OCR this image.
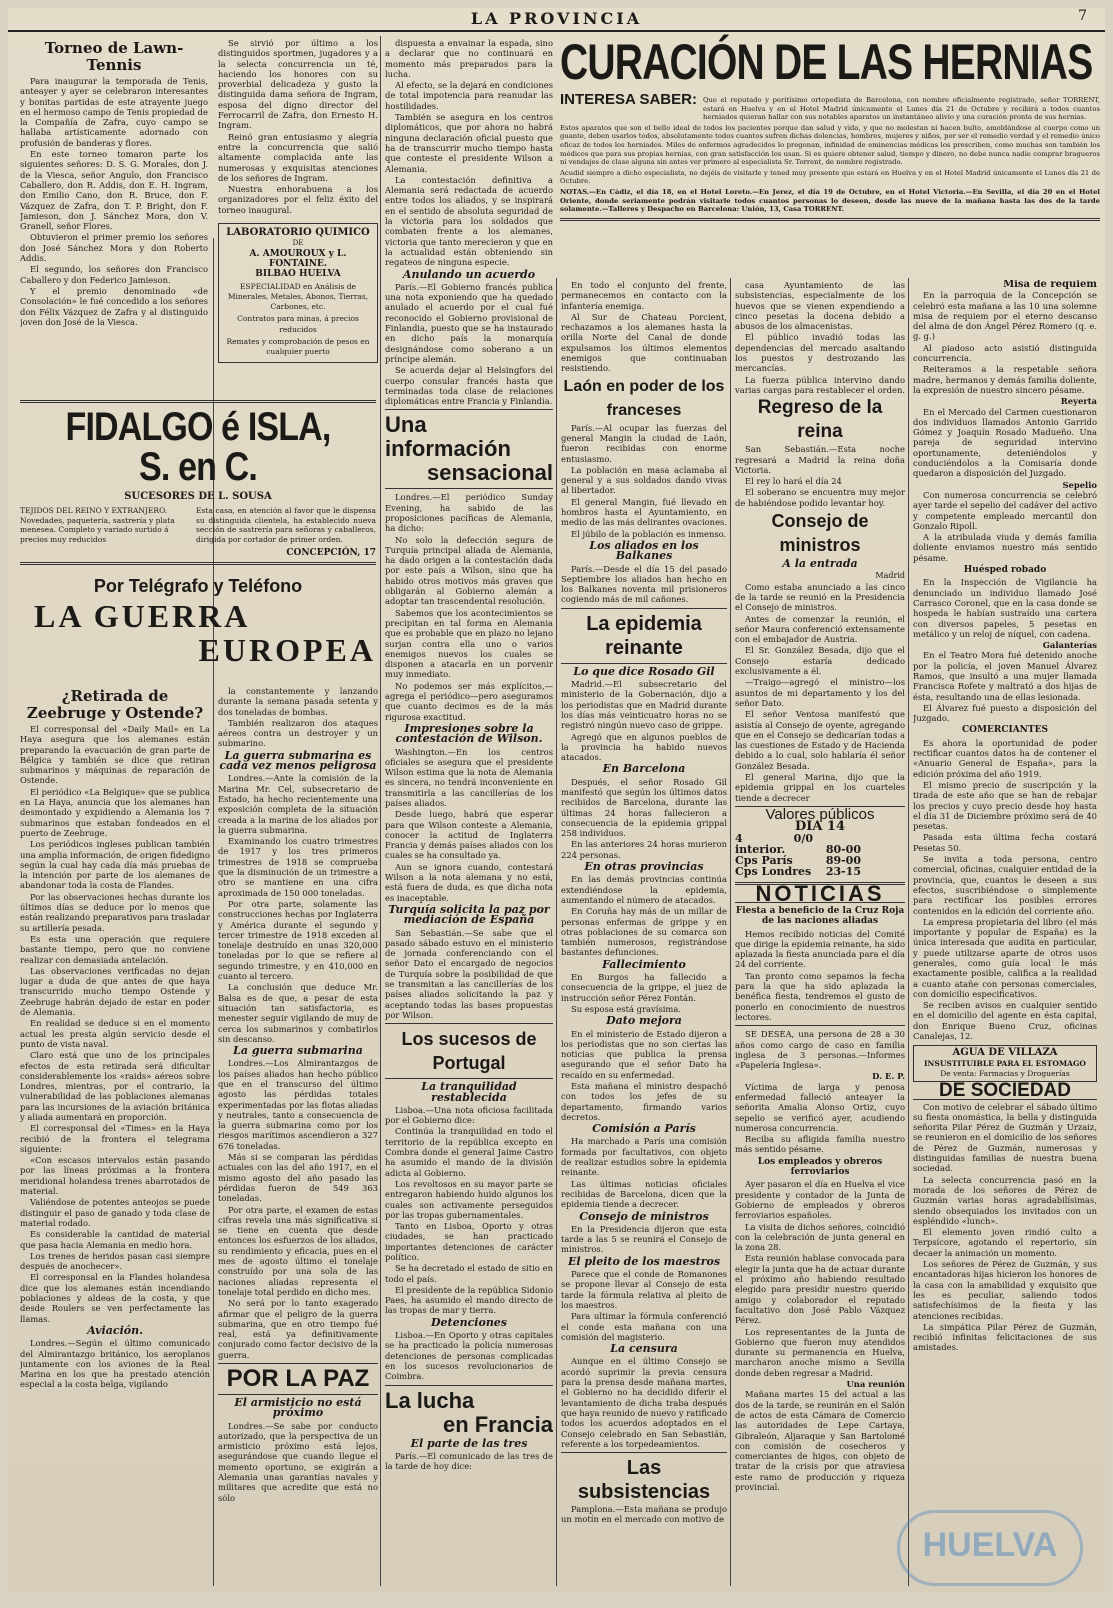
LA PROVINCIA	7
Torneo de Lawn-Tennis

Para inaugurar la temporada de Tenis, anteayer y ayer se celebraron interesantes y bonitas partidas de este atrayente juego en el hermoso campo de Tenis propiedad de la Compañía de Zafra, cuyo campo se hallaba artísticamente adornado con profusión de banderas y flores.

En este torneo tomaron parte los siguientes señores: D. S. G. Morales, don J. de la Viesca, señor Angulo, don Francisco Caballero, don R. Addis, don E. H. Ingram, don Emilio Cano, don R. Bruce, don F. Vázquez de Zafra, don T. P. Bright, don F. Jamieson, don J. Sánchez Mora, don V. Granell, señor Flores.

Obtuvieron el primer premio los señores don José Sánchez Mora y don Roberto Addis.

El segundo, los señores don Francisco Caballero y don Federico Jamieson.

Y el premio denominado «de Consolación» le fué concedido a los señores don Félix Vázquez de Zafra y al distinguido joven don José de la Viesca.

Se sirvió por último a los distinguidos sportmen, jugadores y a la selecta concurrencia un té, haciendo los honores con su proverbial delicadeza y gusto la distinguida dama señora de Ingram, esposa del digno director del Ferrocarril de Zafra, don Ernesto H. Ingram.

Reinó gran entusiasmo y alegría entre la concurrencia que salió altamente complacida ante las numerosas y exquisitas atenciones de los señores de Ingram.

Nuestra enhorabuena a los organizadores por el feliz éxito del torneo inaugural.

LABORATORIO QUIMICO
DE
A. AMOUROUX y L. FONTAINE.
BILBAO HUELVA
ESPECIALIDAD en Análisis de Minerales, Metales, Abonos, Tierras, Carbones, etc.
Contratos para minas, á precios reducidos
Remates y comprobación de pesos en cualquier puerto
FIDALGO é ISLA, S. en C.
SUCESORES DE L. SOUSA
TEJIDOS DEL REINO Y EXTRANJERO. Novedades, paquetería, sastrería y plata menesea. Completo y variado surtido á precios muy reducidos
Esta casa, en atención al favor que le dispensa su distinguida clientela, ha establecido nueva sección de sastrería para señoras y caballeros, dirigida por cortador de primer orden.
CONCEPCIÓN, 17
Por Telégrafo y Teléfono
LA GUERRA
EUROPEA
¿Retirada de Zeebruge y Ostende?

El corresponsal del «Daily Mail» en La Haya asegura que los alemanes están preparando la evacuación de gran parte de Bélgica y también se dice que retiran submarinos y máquinas de reparación de Ostende.

El periódico «La Belgique» que se publica en La Haya, anuncia que los alemanes han desmontado y expidiendo a Alemania los 7 submarinos que estaban fondeados en el puerto de Zeebruge.

Los periódicos ingleses publican también una amplia información, de origen fidedigno según la cual hay cada día más pruebas de la intención por parte de los alemanes de abandonar toda la costa de Flandes.

Por las observaciones hechas durante los últimos días se deduce por lo menos que están realizando preparativos para trasladar su artillería pesada.

Es esta una operación que requiere bastante tiempo, pero que no conviene realizar con demasiada antelación.

Las observaciones verificadas no dejan lugar a duda de que antes de que haya transcurrido mucho tiempo Ostende y Zeebruge habrán dejado de estar en poder de Alemania.

En realidad se deduce si en el momento actual les presta algún servicio desde el punto de vista naval.

Claro está que uno de los principales efectos de esta retirada será dificultar considerablemente los «raids» aéreos sobre Londres, mientras, por el contrario, la vulnerabilidad de las poblaciones alemanas para las incursiones de la aviación británica y aliada aumentará en proporción.

El corresponsal del «Times» en la Haya recibió de la frontera el telegrama siguiente:

«Con escasos intervalos están pasando por las líneas próximas a la frontera meridional holandesa trenes abarrotados de material.

Valiéndose de potentes anteojos se puede distinguir el paso de ganado y toda clase de material rodado.

Es considerable la cantidad de material que pasa hacia Alemania en medio hora.

Los trenes de heridos pasan casi siempre después de anochecer».

El corresponsal en la Flandes holandesa dice que los alemanes están incendiando poblaciones y aldeas de la costa, y que desde Roulers se ven perfectamente las llamas.

Aviación.

Londres.—Según el último comunicado del Almirantazgo británico, los aeroplanos juntamente con los aviones de la Real Marina en los que ha prestado atención especial a la costa belga, vigilando

la constantemente y lanzando durante la semana pasada setenta y dos toneladas de bombas.

También realizaron dos ataques aéreos contra un destroyer y un submarino.

La guerra submarina es cada vez menos peligrosa

Londres.—Ante la comisión de la Marina Mr. Cel, subsecretario de Estado, ha hecho recientemente una exposición completa de la situación creada a la marina de los aliados por la guerra submarina.

Examinando los cuatro trimestres de 1917 y los tres primeros trimestres de 1918 se comprueba que la disminución de un trimestre a otro se mantiene en una cifra aproximada de 150 000 toneladas.

Por otra parte, solamente las construcciones hechas por Inglaterra y América durante el segundo y tercer trimestre de 1918 exceden al tonelaje destruído en unas 320,000 toneladas por lo que se refiere al segundo trimestre, y en 410,000 en cuanto al tercero.

La conclusión que deduce Mr. Balsa es de que, a pesar de esta situación tan satisfactoria, es menester seguir vigilando de muy de cerca los submarinos y combatirlos sin descanso.

La guerra submarina

Londres.—Los Almirantazgos de los países aliados han hecho público que en el transcurso del último agosto las pérdidas totales experimentadas por las flotas aliadas y neutrales, tanto a consecuencia de la guerra submarina como por los riesgos marítimos ascendieron a 327 676 toneladas.

Más si se comparan las pérdidas actuales con las del año 1917, en el mismo agosto del año pasado las pérdidas fueron de 549 363 toneladas.

Por otra parte, el examen de estas cifras revela una más significativa si se tiene en cuenta que desde entonces los esfuerzos de los aliados, su rendimiento y eficacia, pues en el mes de agosto último el tonelaje construído por una sola de las naciones aliadas representa el tonelaje total perdido en dicho mes.

No será por lo tanto exagerado afirmar que el peligro de la guerra submarina, que en otro tiempo fué real, está ya definitivamente conjurado como factor decisivo de la guerra.

POR LA PAZ
El armisticio no está próximo

Londres.—Se sabe por conducto autorizado, que la perspectiva de un armisticio próximo está lejos, asegurándose que cuando llegue el momento oportuno, se exigirán a Alemania unas garantías navales y militares que acredite que está no sólo

dispuesta a envainar la espada, sino a declarar que no continuará en momento más preparados para la lucha.

Al efecto, se la dejará en condiciones de total impotencia para reanudar las hostilidades.

También se asegura en los centros diplomáticos, que por ahora no habrá ninguna declaración oficial puesto que ha de transcurrir mucho tiempo hasta que conteste el presidente Wilson a Alemania.

La contestación definitiva a Alemania será redactada de acuerdo entre todos los aliados, y se inspirará en el sentido de absoluta seguridad de la victoria para los soldados que combaten frente a los alemanes, victoria que tanto merecieron y que en la actualidad están obteniendo sin regateos de ninguna especie.

Anulando un acuerdo

París.—El Gobierno francés publica una nota exponiendo que ha quedado anulado el acuerdo por el cual fué reconocido el Gobierno provisional de Finlandia, puesto que se ha instaurado en dicho país la monarquía designándose como soberano a un príncipe alemán.

Se acuerda dejar al Helsingfors del cuerpo consular francés hasta que terminadas toda clase de relaciones diplomáticas entre Francia y Finlandia.

Una información
sensacional

Londres.—El periódico Sunday Evening, ha sabido de las proposiciones pacíficas de Alemania, ha dicho:

No solo la defección segura de Turquía principal aliada de Alemania, ha dado origen a la contestación dada por este país a Wilson, sino que ha habido otros motivos más graves que obligarán al Gobierno alemán a adoptar tan trascendental resolución.

Sabemos que los acontecimientos se precipitan en tal forma en Alemania que es probable que en plazo no lejano surjan contra ella uno o varios enemigos nuevos los cuales se disponen a atacarla en un porvenir muy inmediato.

No podemos ser más explícitos,—agrega el periódico—pero aseguramos que cuanto decimos es de la más rigurosa exactitud.

Impresiones sobre la contestación de Wilson.

Washington.—En los centros oficiales se asegura que el presidente Wilson estima que la nota de Alemania es sincera, no tendrá inconveniente en transmitirla a las cancillerías de los países aliados.

Desde luego, habrá que esperar para que Wilson conteste a Alemania, conocer la actitud de Inglaterra Francia y demás países aliados con los cuales se ha consultado ya.

Aun se ignora cuando, contestará Wilson a la nota alemana y no está, está fuera de duda, es que dicha nota es inaceptable.

Turquía solicita la paz por mediación de España

San Sebastián.—Se sabe que el pasado sábado estuvo en el ministerio de jornada conferenciando con el señor Dato el encargado de negocios de Turquía sobre la posibilidad de que se transmitan a las cancillerías de los países aliados solicitando la paz y aceptando todas las bases propuestas por Wilson.

Los sucesos de Portugal
La tranquilidad restablecida

Lisboa.—Una nota oficiosa facilitada por el Gobierno dice:

Continúa la tranquilidad en todo el territorio de la república excepto en Combra donde el general Jaime Castro ha asumido el mando de la división adicta al Gobierno.

Los revoltosos en su mayor parte se entregaron habiendo huido algunos los cuales son activamente perseguidos por las tropas gubernamentales.

Tanto en Lisboa, Oporto y otras ciudades, se han practicado importantes detenciones de carácter político.

Se ha decretado el estado de sitio en todo el país.

El presidente de la república Sidonio Paes, ha asumido el mando directo de las tropas de mar y tierra.

Detenciones

Lisboa.—En Oporto y otras capitales se ha practicado la policía numerosas detenciones de personas complicadas en los sucesos revolucionarios de Coimbra.

La lucha
en Francia
El parte de las tres

París.—El comunicado de las tres de la tarde de hoy dice:

CURACIÓN DE LAS HERNIAS
INTERESA SABER: Que el reputado y peritísimo ortopedista de Barcelona, con nombre oficialmente registrado, señor TORRENT, estará en Huelva y en el Hotel Madrid únicamente el Lunes día 21 de Octubre y recibirá a todos cuantos herniados quieran hallar con sus notables aparatos un instantáneo alivio y una curación pronta de sus hernias.
Estos aparatos que son el bello ideal de todos los pacientes porque dan salud y vida, y que no molestan ni hacen bulto, amoldándose al cuerpo como un guante, deben usarlos todos, absolutamente todos cuantos sufren dichas dolencias, hombres, mujeres y niños, por ser el remedio verdad y el remedio único eficaz de todos los herniados. Miles de enfermos agradecidos lo pregonan, infinidad de eminencias médicas los prescriben, como muchas son también los médicos que para sus propias hernias, con gran satisfacción los usan. Si es quiere obtener salud, tiempo y dinero, no debe nunca nadie comprar bragueros ni vendajes de clase alguna sin antes ver primero al especialista Sr. Torrent, de nombre registrado.
Acudid siempre a dicho especialista, no dejéis de visitarle y tened muy presente que estará en Huelva y en el Hotel Madrid únicamente el Lunes día 21 de Octubre.
NOTAS.—En Cádiz, el día 18, en el Hotel Loreto.—En Jerez, el día 19 de Octubre, en el Hotel Victoria.—En Sevilla, el día 20 en el Hotel Oriente, donde seriamente podrán visitarle todos cuantos personas lo deseen, desde las nueve de la mañana hasta las dos de la tarde solamente.—Talleres y Despacho en Barcelona: Unión, 13, Casa TORRENT.

En todo el conjunto del frente, permanecemos en contacto con la infantería enemiga.

Al Sur de Chateau Porcient, rechazamos a los alemanes hasta la orilla Norte del Canal de donde expulsamos los últimos elementos enemigos que continuaban resistiendo.

Laón en poder de los franceses

París.—Al ocupar las fuerzas del general Mangin la ciudad de Laón, fueron recibidas con enorme entusiasmo.

La población en masa aclamaba al general y a sus soldados dando vivas al libertador.

El general Mangin, fué llevado en hombros hasta el Ayuntamiento, en medio de las más delirantes ovaciones.

El júbilo de la población es inmenso.

Los aliados en los Balkanes

París.—Desde el día 15 del pasado Septiembre los aliados han hecho en los Balkanes noventa mil prisioneros cogiendo más de mil cañones.

La epidemia reinante
Lo que dice Rosado Gil

Madrid.—El subsecretario del ministerio de la Gobernación, dijo a los periodistas que en Madrid durante los días más veinticuatro horas no se registró ningún nuevo caso de grippe.

Agregó que en algunos pueblos de la provincia ha habido nuevos atacados.

En Barcelona

Después, el señor Rosado Gil manifestó que según los últimos datos recibidos de Barcelona, durante las últimas 24 horas fallecieron a consecuencia de la epidemia grippal 258 individuos.

En las anteriores 24 horas murieron 224 personas.

En otras provincias

En las demás provincias continúa extendiéndose la epidemia, aumentando el número de atacados.

En Coruña hay más de un millar de personas enfermas de grippe y en otras poblaciones de su comarca son también numerosos, registrándose bastantes defunciones.

Fallecimiento

En Burgos ha fallecido a consecuencia de la grippe, el juez de instrucción señor Pérez Fontán.

Su esposa está gravísima.

Dato mejora

En el ministerio de Estado dijeron a los periodistas que no son ciertas las noticias que publica la prensa asegurando que el señor Dato ha recaído en su enfermedad.

Esta mañana el ministro despachó con todos los jefes de su departamento, firmando varios decretos.

Comisión a París

Ha marchado a París una comisión formada por facultativos, con objeto de realizar estudios sobre la epidemia reinante.

Las últimas noticias oficiales recibidas de Barcelona, dicen que la epidemia tiende a decrecer.

Consejo de ministros

En la Presidencia dijeron que esta tarde a las 5 se reunirá el Consejo de ministros.

El pleito de los maestros

Parece que el conde de Romanones se propone llevar al Consejo de esta tarde la fórmula relativa al pleito de los maestros.

Para ultimar la fórmula conferenció el conde esta mañana con una comisión del magisterio.

La censura

Aunque en el último Consejo se acordó suprimir la previa censura para la prensa desde mañana martes, el Gobierno no ha decidido diferir el levantamiento de dicha traba después que haya reunido de nuevo y ratificado todos los acuerdos adoptados en el Consejo celebrado en San Sebastián, referente a los torpedeamientos.

Las subsistencias

Pamplona.—Esta mañana se produjo un motín en el mercado con motivo de

casa Ayuntamiento de las subsistencias, especialmente de los huevos que se vienen expendiendo a cinco pesetas la docena debido a abusos de los almacenistas.

El público invadió todas las dependencias del mercado asaltando los puestos y destrozando las mercancías.

La fuerza pública intervino dando varias cargas para restablecer el orden.

Regreso de la reina

San Sebastián.—Esta noche regresará a Madrid la reina doña Victoria.

El rey lo hará el día 24

El soberano se encuentra muy mejor de habiéndose podido levantar hoy.

Consejo de ministros
A la entrada
Madrid

Como estaba anunciado a las cinco de la tarde se reunió en la Presidencia el Consejo de ministros.

Antes de comenzar la reunión, el señor Maura conferenció extensamente con el embajador de Austria.

El Sr. González Besada, dijo que el Consejo estaría dedicado exclusivamente a él.

—Traigo—agregó el ministro—los asuntos de mi departamento y los del señor Dato.

El señor Ventosa manifestó que asistía al Consejo de oyente, agregando que en el Consejo se dedicarían todas a las cuestiones de Estado y de Hacienda debido a lo cual, solo hablaría él señor González Besada.

El general Marina, dijo que la epidemia grippal en los cuarteles tiende a decrecer

Valores públicos
DIA 14
4 0/0 interior.	80-00
Cps París	89-00
Cps Londres 23-15
NOTICIAS
Fiesta a beneficio de la Cruz Roja de las naciones aliadas

Hemos recibido noticias del Comité que dirige la epidemia reinante, ha sido aplazada la fiesta anunciada para el día 24 del corriente.

Tan pronto como sepamos la fecha para la que ha sido aplazada la benéfica fiesta, tendremos el gusto de ponerlo en conocimiento de nuestros lectores.

SE DESEA, una persona de 28 a 30 años como cargo de caso en familia inglesa de 3 personas.—Informes «Papelería Inglesa».

D. E. P.

Víctima de larga y penosa enfermedad falleció anteayer la señorita Amalia Alonso Ortiz, cuyo sepelio se verificó ayer, acudiendo numerosa concurrencia.

Reciba su afligida familia nuestro más sentido pésame.

Los empleados y obreros ferroviarios

Ayer pasaron el día en Huelva el vice presidente y contador de la Junta de Gobierno de empleados y obreros ferroviarios españoles.

La visita de dichos señores, coincidió con la celebración de junta general en la zona 28.

Esta reunión hablase convocada para elegir la junta que ha de actuar durante el próximo año habiendo resultado elegido para presidir nuestro querido amigo y colaborador el reputado facultativo don José Pablo Vázquez Pérez.

Los representantes de la Junta de Gobierno que fueron muy atendidos durante su permanencia en Huelva, marcharon anoche mismo a Sevilla donde deben regresar a Madrid.

Una reunión

Mañana martes 15 del actual a las dos de la tarde, se reunirán en el Salón de actos de esta Cámara de Comercio las autoridades de Lepe Cartaya, Gibraleón, Aljaraque y San Bartolomé con comisión de cosecheros y comerciantes de higos, con objeto de tratar de la crisis por que atraviesa este ramo de producción y riqueza provincial.

Misa de requiem

En la parroquia de la Concepción se celebró esta mañana a las 10 una solemne misa de requiem por el eterno descanso del alma de don Ángel Pérez Romero (q. e. g. g.)

Al piadoso acto asistió distinguida concurrencia.

Reiteramos a la respetable señora madre, hermanos y demás familia doliente, la expresión de nuestro sincero pésame.

Reyerta

En el Mercado del Carmen cuestionaron dos individuos llamados Antonio Garrido Gómez y Joaquín Rosado Madueño. Una pareja de seguridad intervino oportunamente, deteniéndolos y conduciéndolos a la Comisaría donde quedaron a disposición del Juzgado.

Sepelio

Con numerosa concurrencia se celebró ayer tarde el sepelio del cadáver del activo y competente empleado mercantil don Gonzalo Ripoll.

A la atribulada viuda y demás familia doliente enviamos nuestro más sentido pésame.

Huésped robado

En la Inspección de Vigilancia ha denunciado un individuo llamado José Carrasco Coronel, que en la casa donde se hospeda le habían sustraído una cartera con diversos papeles, 5 pesetas en metálico y un reloj de níquel, con cadena.

Galanterías

En el Teatro Mora fué detenido anoche por la policía, el joven Manuel Álvarez Ramos, que insultó a una mujer llamada Francisca Rofete y maltrató a dos hijas de ésta, resultando una de ellas lesionada.

El Álvarez fué puesto a disposición del Juzgado.

COMERCIANTES

Es ahora la oportunidad de poder rectificar cuantos datos ha de contener el «Anuario General de España», para la edición próxima del año 1919.

El mismo precio de suscripción y la tirada de este año que se han de rebajar los precios y cuyo precio desde hoy hasta el día 31 de Diciembre próximo será de 40 pesetas.

Pasada esta última fecha costará Pesetas 50.

Se invita a toda persona, centro comercial, oficinas, cualquier entidad de la provincia, que, cuantos le deseen a sus efectos, suscribiéndose o simplemente para rectificar los posibles errores contenidos en la edición del corriente año.

La empresa propietaria del libro (el más importante y popular de España) es la única interesada que audita en particular, y puede utilizarse aparte de otros usos generales, como guía local le más exactamente posible, califica a la realidad a cuanto atañe con personas comerciales, con domicilio especificativos.

Se reciben avisos en cualquier sentido en el domicilio del agente en ésta capital, don Enrique Bueno Cruz, oficinas Canalejas, 12.

AGUA DE VILLAZA
INSUSTITUIBLE PARA EL ESTOMAGO
De venta: Farmacias y Droguerías
DE SOCIEDAD

Con motivo de celebrar el sábado último su fiesta onomástica, la bella y distinguida señorita Pilar Pérez de Guzmán y Urzaiz, se reunieron en el domicilio de los señores de Pérez de Guzmán, numerosas y distinguidas familias de nuestra buena sociedad.

La selecta concurrencia pasó en la morada de los señores de Pérez de Guzmán varias horas agradabilísimas, siendo obsequiados los invitados con un espléndido «lunch».

El elemento joven rindió culto a Terpsícore, agotando el repertorio, sin decaer la animación un momento.

Los señores de Pérez de Guzmán, y sus encantadoras hijas hicieron los honores de la casa con la amabilidad y exquisito que les es peculiar, saliendo todos satisfechísimos de la fiesta y las atenciones recibidas.

La simpática Pilar Pérez de Guzmán, recibió infinitas felicitaciones de sus amistades.

HUELVA
